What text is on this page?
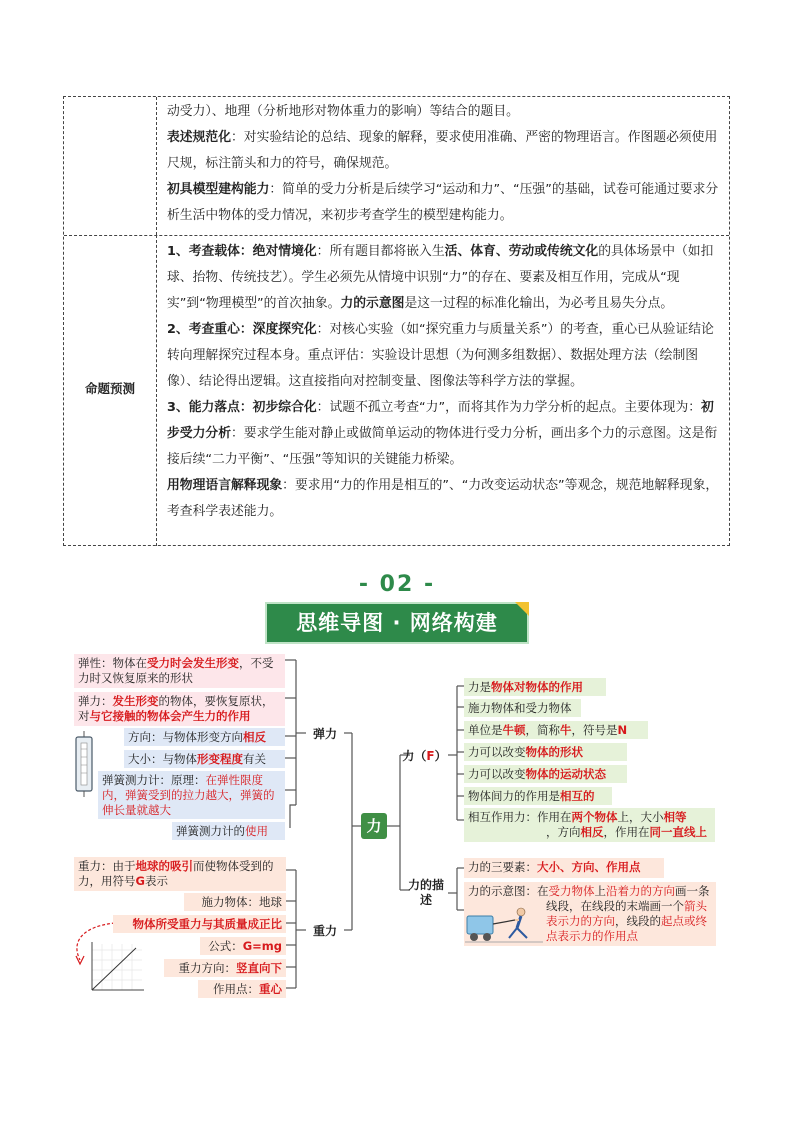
动受力）、地理（分析地形对物体重力的影响）等结合的题目。

表述规范化：对实验结论的总结、现象的解释，要求使用准确、严密的物理语言。作图题必须使用尺规，标注箭头和力的符号，确保规范。

初具模型建构能力：简单的受力分析是后续学习“运动和力”、“压强”的基础，试卷可能通过要求分析生活中物体的受力情况，来初步考查学生的模型建构能力。

命题预测

1、考查载体：绝对情境化：所有题目都将嵌入生活、体育、劳动或传统文化的具体场景中（如扣球、抬物、传统技艺）。学生必须先从情境中识别“力”的存在、要素及相互作用，完成从“现实”到“物理模型”的首次抽象。力的示意图是这一过程的标准化输出，为必考且易失分点。

2、考查重心：深度探究化：对核心实验（如“探究重力与质量关系”）的考查，重心已从验证结论转向理解探究过程本身。重点评估：实验设计思想（为何测多组数据）、数据处理方法（绘制图像）、结论得出逻辑。这直接指向对控制变量、图像法等科学方法的掌握。

3、能力落点：初步综合化：试题不孤立考查“力”，而将其作为力学分析的起点。主要体现为：初步受力分析：要求学生能对静止或做简单运动的物体进行受力分析，画出多个力的示意图。这是衔接后续“二力平衡”、“压强”等知识的关键能力桥梁。

用物理语言解释现象：要求用“力的作用是相互的”、“力改变运动状态”等观念，规范地解释现象，考查科学表述能力。

- 02 -
思维导图 · 网络构建
力
弹力
弹性：物体在受力时会发生形变，不受力时又恢复原来的形状
弹力：发生形变的物体，要恢复原状，对与它接触的物体会产生力的作用
方向：与物体形变方向相反
大小：与物体形变程度有关
弹簧测力计：原理：在弹性限度内，弹簧受到的拉力越大，弹簧的伸长量就越大
弹簧测力计的使用
重力
重力：由于地球的吸引而使物体受到的力，用符号G表示
施力物体：地球
物体所受重力与其质量成正比
公式：G=mg
重力方向：竖直向下
作用点：重心
力（F）
力是物体对物体的作用
施力物体和受力物体
单位是牛顿，简称牛，符号是N
力可以改变物体的形状
力可以改变物体的运动状态
物体间力的作用是相互的
相互作用力：作用在两个物体上，大小相等
，方向相反，作用在同一直线上
力的描述
力的三要素：大小、方向、作用点
力的示意图：在受力物体上沿着力的方向画一条线段，在线段的末端画一个箭头表示力的方向，线段的起点或终点表示力的作用点
